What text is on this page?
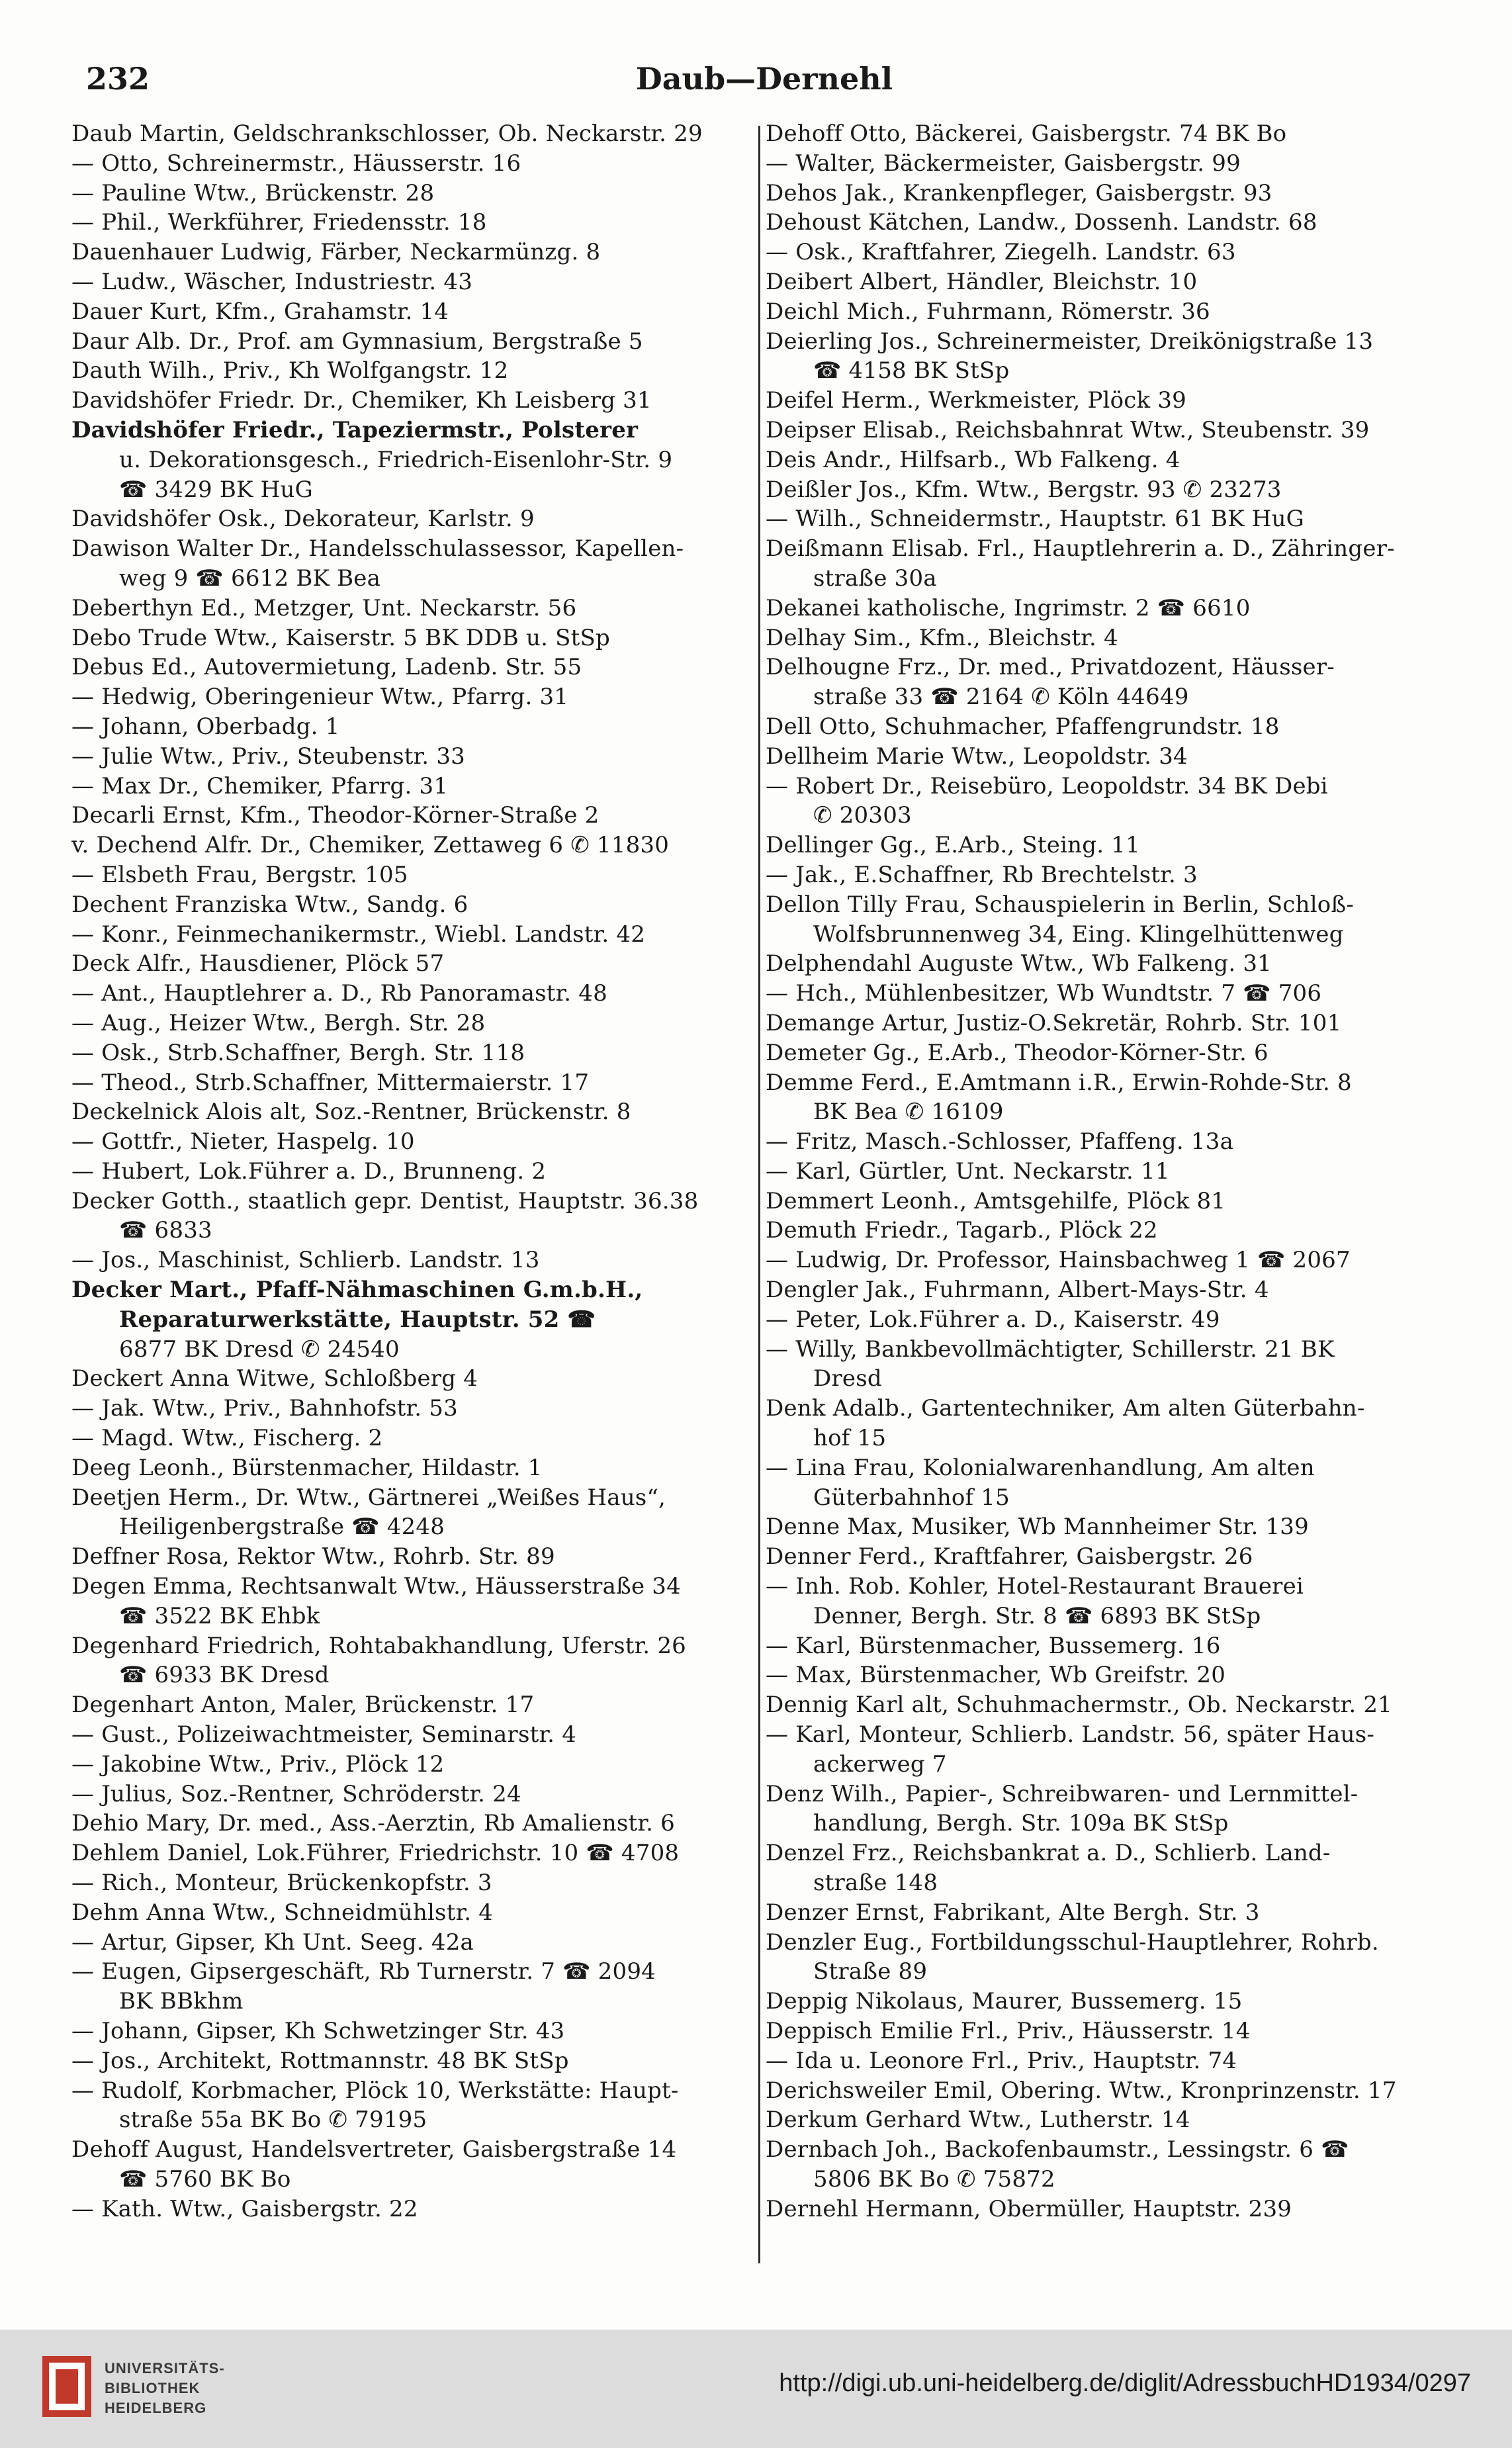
232	Daub—Dernehl
Daub Martin, Geldschrankschlosser, Ob. Neckarstr. 29
— Otto, Schreinermstr., Häusserstr. 16
— Pauline Wtw., Brückenstr. 28
— Phil., Werkführer, Friedensstr. 18
Dauenhauer Ludwig, Färber, Neckarmünzg. 8
— Ludw., Wäscher, Industriestr. 43
Dauer Kurt, Kfm., Grahamstr. 14
Daur Alb. Dr., Prof. am Gymnasium, Bergstraße 5
Dauth Wilh., Priv., Kh Wolfgangstr. 12
Davidshöfer Friedr. Dr., Chemiker, Kh Leisberg 31
Davidshöfer Friedr., Tapeziermstr., Polsterer
u. Dekorationsgesch., Friedrich-Eisenlohr-Str. 9
☎ 3429 BK HuG
Davidshöfer Osk., Dekorateur, Karlstr. 9
Dawison Walter Dr., Handelsschulassessor, Kapellen-
weg 9 ☎ 6612 BK Bea
Deberthyn Ed., Metzger, Unt. Neckarstr. 56
Debo Trude Wtw., Kaiserstr. 5 BK DDB u. StSp
Debus Ed., Autovermietung, Ladenb. Str. 55
— Hedwig, Oberingenieur Wtw., Pfarrg. 31
— Johann, Oberbadg. 1
— Julie Wtw., Priv., Steubenstr. 33
— Max Dr., Chemiker, Pfarrg. 31
Decarli Ernst, Kfm., Theodor-Körner-Straße 2
v. Dechend Alfr. Dr., Chemiker, Zettaweg 6 ✆ 11830
— Elsbeth Frau, Bergstr. 105
Dechent Franziska Wtw., Sandg. 6
— Konr., Feinmechanikermstr., Wiebl. Landstr. 42
Deck Alfr., Hausdiener, Plöck 57
— Ant., Hauptlehrer a. D., Rb Panoramastr. 48
— Aug., Heizer Wtw., Bergh. Str. 28
— Osk., Strb.Schaffner, Bergh. Str. 118
— Theod., Strb.Schaffner, Mittermaierstr. 17
Deckelnick Alois alt, Soz.-Rentner, Brückenstr. 8
— Gottfr., Nieter, Haspelg. 10
— Hubert, Lok.Führer a. D., Brunneng. 2
Decker Gotth., staatlich gepr. Dentist, Hauptstr. 36.38
☎ 6833
— Jos., Maschinist, Schlierb. Landstr. 13
Decker Mart., Pfaff-Nähmaschinen G.m.b.H.,
Reparaturwerkstätte, Hauptstr. 52 ☎
6877 BK Dresd ✆ 24540
Deckert Anna Witwe, Schloßberg 4
— Jak. Wtw., Priv., Bahnhofstr. 53
— Magd. Wtw., Fischerg. 2
Deeg Leonh., Bürstenmacher, Hildastr. 1
Deetjen Herm., Dr. Wtw., Gärtnerei „Weißes Haus“,
Heiligenbergstraße ☎ 4248
Deffner Rosa, Rektor Wtw., Rohrb. Str. 89
Degen Emma, Rechtsanwalt Wtw., Häusserstraße 34
☎ 3522 BK Ehbk
Degenhard Friedrich, Rohtabakhandlung, Uferstr. 26
☎ 6933 BK Dresd
Degenhart Anton, Maler, Brückenstr. 17
— Gust., Polizeiwachtmeister, Seminarstr. 4
— Jakobine Wtw., Priv., Plöck 12
— Julius, Soz.-Rentner, Schröderstr. 24
Dehio Mary, Dr. med., Ass.-Aerztin, Rb Amalienstr. 6
Dehlem Daniel, Lok.Führer, Friedrichstr. 10 ☎ 4708
— Rich., Monteur, Brückenkopfstr. 3
Dehm Anna Wtw., Schneidmühlstr. 4
— Artur, Gipser, Kh Unt. Seeg. 42a
— Eugen, Gipsergeschäft, Rb Turnerstr. 7 ☎ 2094
BK BBkhm
— Johann, Gipser, Kh Schwetzinger Str. 43
— Jos., Architekt, Rottmannstr. 48 BK StSp
— Rudolf, Korbmacher, Plöck 10, Werkstätte: Haupt-
straße 55a BK Bo ✆ 79195
Dehoff August, Handelsvertreter, Gaisbergstraße 14
☎ 5760 BK Bo
— Kath. Wtw., Gaisbergstr. 22
Dehoff Otto, Bäckerei, Gaisbergstr. 74 BK Bo
— Walter, Bäckermeister, Gaisbergstr. 99
Dehos Jak., Krankenpfleger, Gaisbergstr. 93
Dehoust Kätchen, Landw., Dossenh. Landstr. 68
— Osk., Kraftfahrer, Ziegelh. Landstr. 63
Deibert Albert, Händler, Bleichstr. 10
Deichl Mich., Fuhrmann, Römerstr. 36
Deierling Jos., Schreinermeister, Dreikönigstraße 13
☎ 4158 BK StSp
Deifel Herm., Werkmeister, Plöck 39
Deipser Elisab., Reichsbahnrat Wtw., Steubenstr. 39
Deis Andr., Hilfsarb., Wb Falkeng. 4
Deißler Jos., Kfm. Wtw., Bergstr. 93 ✆ 23273
— Wilh., Schneidermstr., Hauptstr. 61 BK HuG
Deißmann Elisab. Frl., Hauptlehrerin a. D., Zähringer-
straße 30a
Dekanei katholische, Ingrimstr. 2 ☎ 6610
Delhay Sim., Kfm., Bleichstr. 4
Delhougne Frz., Dr. med., Privatdozent, Häusser-
straße 33 ☎ 2164 ✆ Köln 44649
Dell Otto, Schuhmacher, Pfaffengrundstr. 18
Dellheim Marie Wtw., Leopoldstr. 34
— Robert Dr., Reisebüro, Leopoldstr. 34 BK Debi
✆ 20303
Dellinger Gg., E.Arb., Steing. 11
— Jak., E.Schaffner, Rb Brechtelstr. 3
Dellon Tilly Frau, Schauspielerin in Berlin, Schloß-
Wolfsbrunnenweg 34, Eing. Klingelhüttenweg
Delphendahl Auguste Wtw., Wb Falkeng. 31
— Hch., Mühlenbesitzer, Wb Wundtstr. 7 ☎ 706
Demange Artur, Justiz-O.Sekretär, Rohrb. Str. 101
Demeter Gg., E.Arb., Theodor-Körner-Str. 6
Demme Ferd., E.Amtmann i.R., Erwin-Rohde-Str. 8
BK Bea ✆ 16109
— Fritz, Masch.-Schlosser, Pfaffeng. 13a
— Karl, Gürtler, Unt. Neckarstr. 11
Demmert Leonh., Amtsgehilfe, Plöck 81
Demuth Friedr., Tagarb., Plöck 22
— Ludwig, Dr. Professor, Hainsbachweg 1 ☎ 2067
Dengler Jak., Fuhrmann, Albert-Mays-Str. 4
— Peter, Lok.Führer a. D., Kaiserstr. 49
— Willy, Bankbevollmächtigter, Schillerstr. 21 BK
Dresd
Denk Adalb., Gartentechniker, Am alten Güterbahn-
hof 15
— Lina Frau, Kolonialwarenhandlung, Am alten
Güterbahnhof 15
Denne Max, Musiker, Wb Mannheimer Str. 139
Denner Ferd., Kraftfahrer, Gaisbergstr. 26
— Inh. Rob. Kohler, Hotel-Restaurant Brauerei
Denner, Bergh. Str. 8 ☎ 6893 BK StSp
— Karl, Bürstenmacher, Bussemerg. 16
— Max, Bürstenmacher, Wb Greifstr. 20
Dennig Karl alt, Schuhmachermstr., Ob. Neckarstr. 21
— Karl, Monteur, Schlierb. Landstr. 56, später Haus-
ackerweg 7
Denz Wilh., Papier-, Schreibwaren- und Lernmittel-
handlung, Bergh. Str. 109a BK StSp
Denzel Frz., Reichsbankrat a. D., Schlierb. Land-
straße 148
Denzer Ernst, Fabrikant, Alte Bergh. Str. 3
Denzler Eug., Fortbildungsschul-Hauptlehrer, Rohrb.
Straße 89
Deppig Nikolaus, Maurer, Bussemerg. 15
Deppisch Emilie Frl., Priv., Häusserstr. 14
— Ida u. Leonore Frl., Priv., Hauptstr. 74
Derichsweiler Emil, Obering. Wtw., Kronprinzenstr. 17
Derkum Gerhard Wtw., Lutherstr. 14
Dernbach Joh., Backofenbaumstr., Lessingstr. 6 ☎
5806 BK Bo ✆ 75872
Dernehl Hermann, Obermüller, Hauptstr. 239
UNIVERSITÄTS-
BIBLIOTHEK
HEIDELBERG
http://digi.ub.uni-heidelberg.de/diglit/AdressbuchHD1934/0297
